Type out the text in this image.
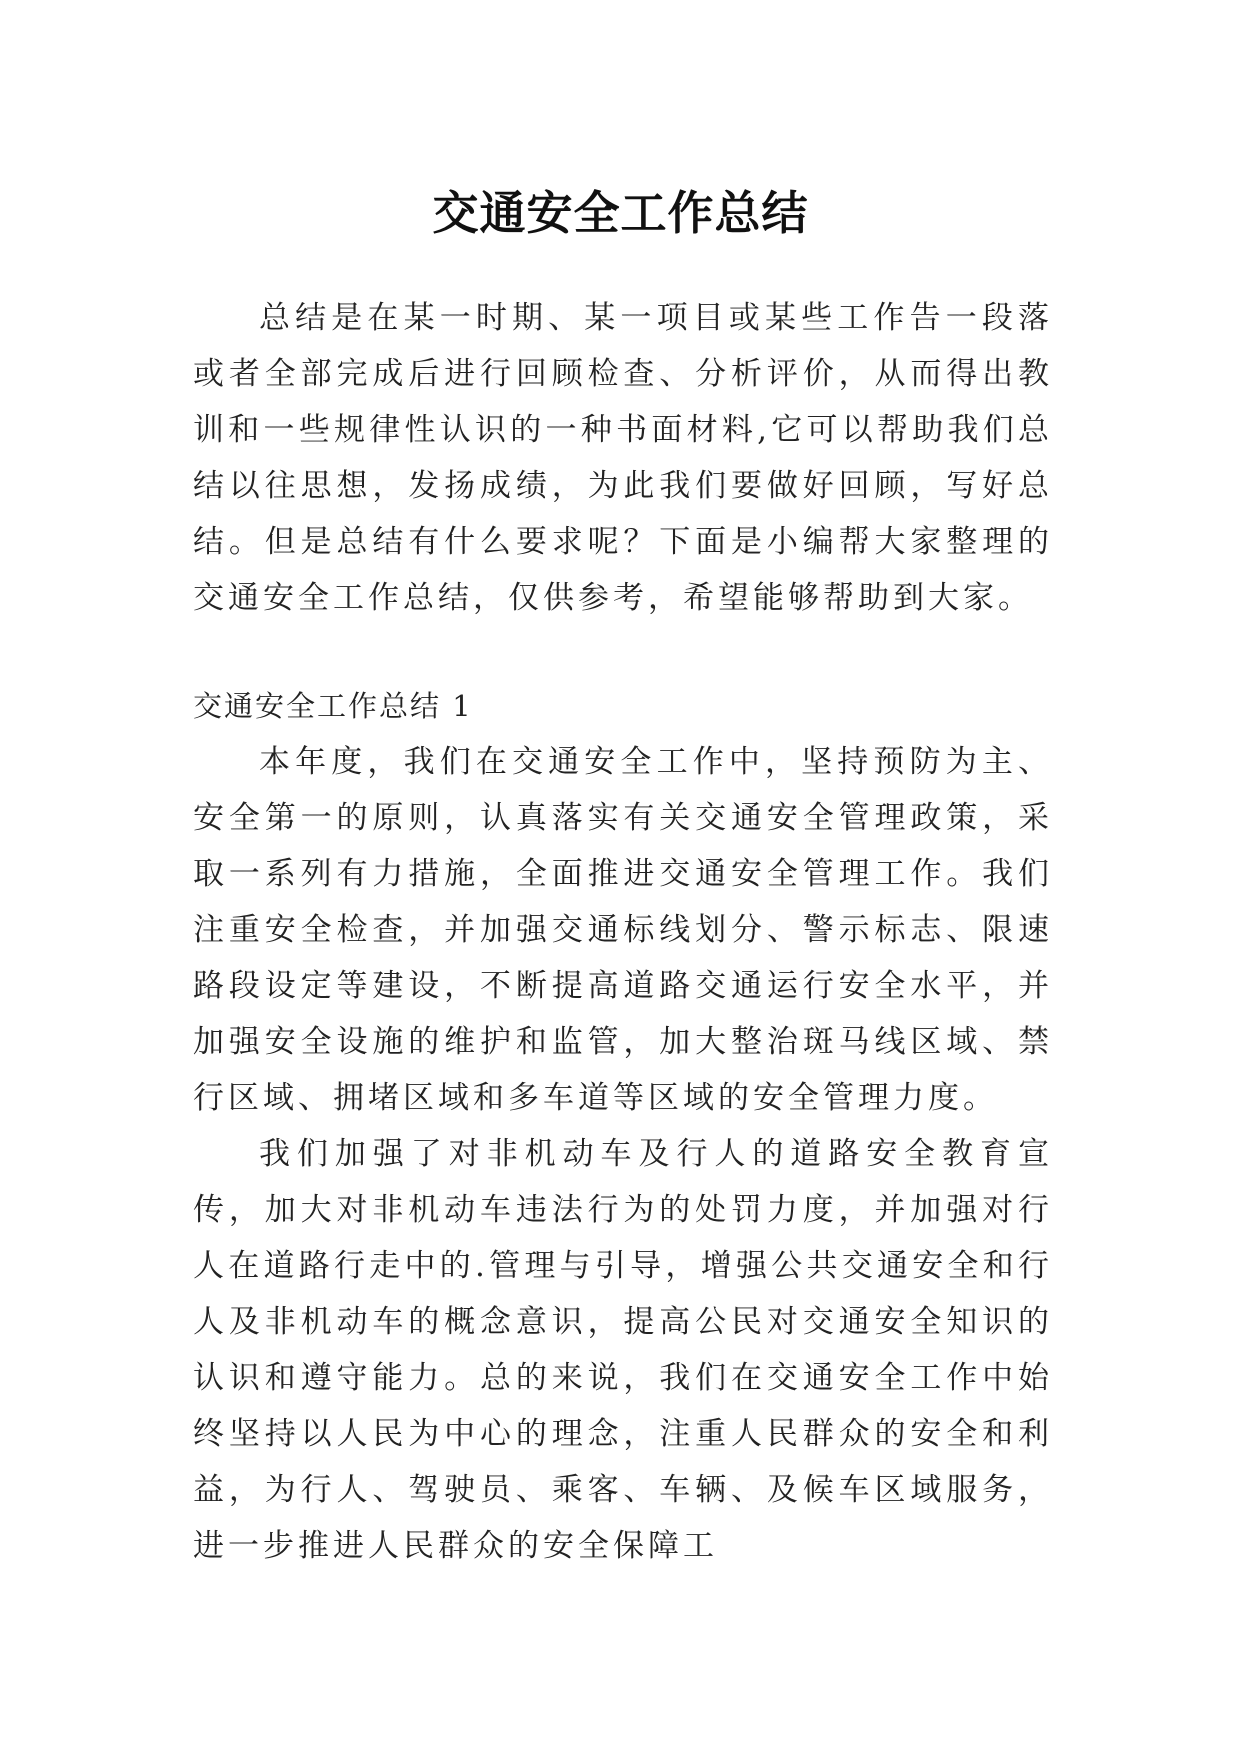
交通安全工作总结

总结是在某一时期、某一项目或某些工作告一段落或者全部完成后进行回顾检查、分析评价，从而得出教训和一些规律性认识的一种书面材料,它可以帮助我们总结以往思想，发扬成绩，为此我们要做好回顾，写好总结。但是总结有什么要求呢？下面是小编帮大家整理的交通安全工作总结，仅供参考，希望能够帮助到大家。

交通安全工作总结 1

本年度，我们在交通安全工作中，坚持预防为主、安全第一的原则，认真落实有关交通安全管理政策，采取一系列有力措施，全面推进交通安全管理工作。我们注重安全检查，并加强交通标线划分、警示标志、限速路段设定等建设，不断提高道路交通运行安全水平，并加强安全设施的维护和监管，加大整治斑马线区域、禁行区域、拥堵区域和多车道等区域的安全管理力度。

我们加强了对非机动车及行人的道路安全教育宣传，加大对非机动车违法行为的处罚力度，并加强对行人在道路行走中的.管理与引导，增强公共交通安全和行人及非机动车的概念意识，提高公民对交通安全知识的认识和遵守能力。总的来说，我们在交通安全工作中始终坚持以人民为中心的理念，注重人民群众的安全和利益，为行人、驾驶员、乘客、车辆、及候车区域服务，进一步推进人民群众的安全保障工
